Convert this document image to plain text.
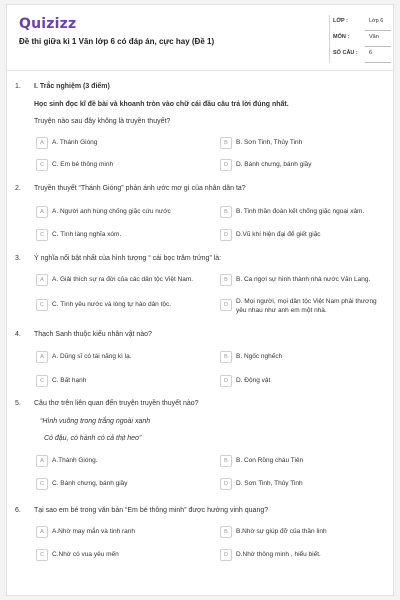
Quizizz
Đề thi giữa kì 1 Văn lớp 6 có đáp án, cực hay (Đề 1)
LỚP :	Lớp 6
MÔN :	Văn
SỐ CÂU : 6
1. I. Trắc nghiệm (3 điểm)
Học sinh đọc kĩ đề bài và khoanh tròn vào chữ cái đầu câu trả lời đúng nhất.
Truyện nào sau đây không là truyền thuyết?
A	A. Thánh Gióng	B	B. Sơn Tinh, Thủy Tinh
C	C. Em bé thông minh	D	D. Bánh chưng, bánh giầy
2. Truyền thuyết “Thánh Gióng” phản ánh ước mơ gì của nhân dân ta?
A	A. Người anh hùng chống giặc cứu nước	B	B. Tinh thần đoàn kết chống giặc ngoại xâm.
C	C. Tình làng nghĩa xóm.	D	D.Vũ khí hiện đại để giết giặc
3. Ý nghĩa nổi bật nhất của hình tượng “ cái bọc trăm trứng” là:
A	A. Giải thích sự ra đời của các dân tộc Việt Nam.	B	B. Ca ngợi sự hình thành nhà nước Văn Lang.
C	C. Tình yêu nước và lòng tự hào dân tộc.	D	D. Mọi người, mọi dân tộc Việt Nam phải thương yêu nhau như anh em một nhà.
4. Thạch Sanh thuộc kiểu nhân vật nào?
A	A. Dũng sĩ có tài năng kì lạ.	B	B. Ngốc nghếch
C	C. Bất hạnh	D	D. Động vật
5. Câu thơ trên liên quan đến truyện truyền thuyết nào?
“Hình vuông trong trắng ngoài xanh
Có đậu, có hành có cả thịt heo”
A	A.Thánh Gióng.	B	B. Con Rồng cháu Tiên
C	C. Bánh chưng, bánh giầy	D	D. Sơn Tinh, Thủy Tinh
6. Tại sao em bé trong văn bản “Em bé thông minh” được hưởng vinh quang?
A	A.Nhờ may mắn và tinh ranh	B	B.Nhờ sự giúp đỡ của thần linh
C	C.Nhờ có vua yêu mến	D	D.Nhờ thông minh , hiểu biết.
